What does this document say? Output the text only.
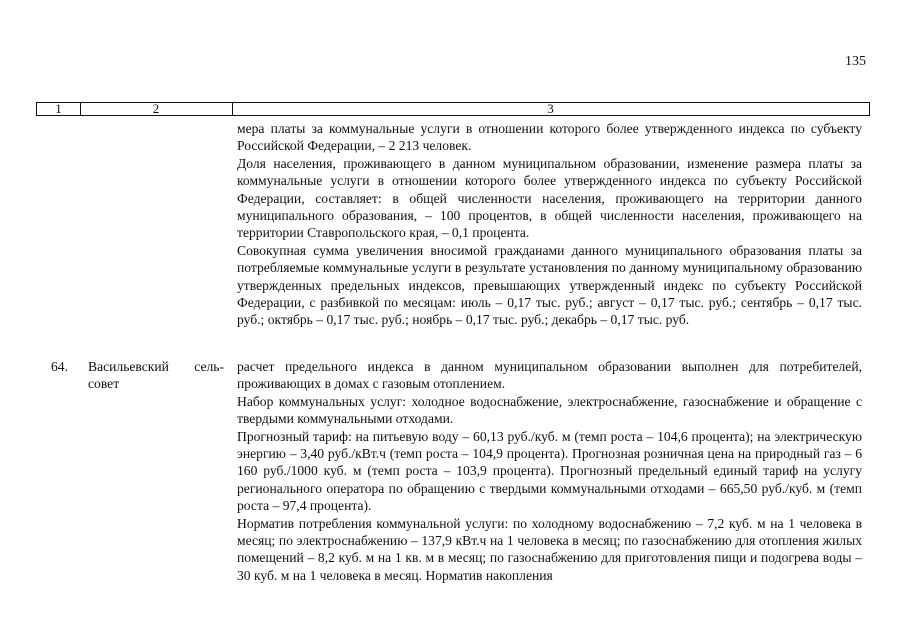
135
1	2	3

мера платы за коммунальные услуги в отношении которого более утвержденного индекса по субъекту Российской Федерации, – 2 213 человек.

Доля населения, проживающего в данном муниципальном образовании, изменение размера платы за коммунальные услуги в отношении которого более утвержденного индекса по субъекту Российской Федерации, составляет: в общей численности населения, проживающего на территории данного муниципального образования, – 100 процентов, в общей численности населения, проживающего на территории Ставропольского края, – 0,1 процента.

Совокупная сумма увеличения вносимой гражданами данного муниципального образования платы за потребляемые коммунальные услуги в результате установления по данному муниципальному образованию утвержденных предельных индексов, превышающих утвержденный индекс по субъекту Российской Федерации, с разбивкой по месяцам: июль – 0,17 тыс. руб.; август – 0,17 тыс. руб.; сентябрь – 0,17 тыс. руб.; октябрь – 0,17 тыс. руб.; ноябрь – 0,17 тыс. руб.; декабрь – 0,17 тыс. руб.

64. Васильевский сель-
совет

расчет предельного индекса в данном муниципальном образовании выполнен для потребителей, проживающих в домах с газовым отоплением.

Набор коммунальных услуг: холодное водоснабжение, электроснабжение, газоснабжение и обращение с твердыми коммунальными отходами.

Прогнозный тариф: на питьевую воду – 60,13 руб./куб. м (темп роста – 104,6 процента); на электрическую энергию – 3,40 руб./кВт.ч (темп роста – 104,9 процента). Прогнозная розничная цена на природный газ – 6 160 руб./1000 куб. м (темп роста – 103,9 процента). Прогнозный предельный единый тариф на услугу регионального оператора по обращению с твердыми коммунальными отходами – 665,50 руб./куб. м (темп роста – 97,4 процента).

Норматив потребления коммунальной услуги: по холодному водоснабжению – 7,2 куб. м на 1 человека в месяц; по электроснабжению – 137,9 кВт.ч на 1 человека в месяц; по газоснабжению для отопления жилых помещений – 8,2 куб. м на 1 кв. м в месяц; по газоснабжению для приготовления пищи и подогрева воды – 30 куб. м на 1 человека в месяц. Норматив накопления
